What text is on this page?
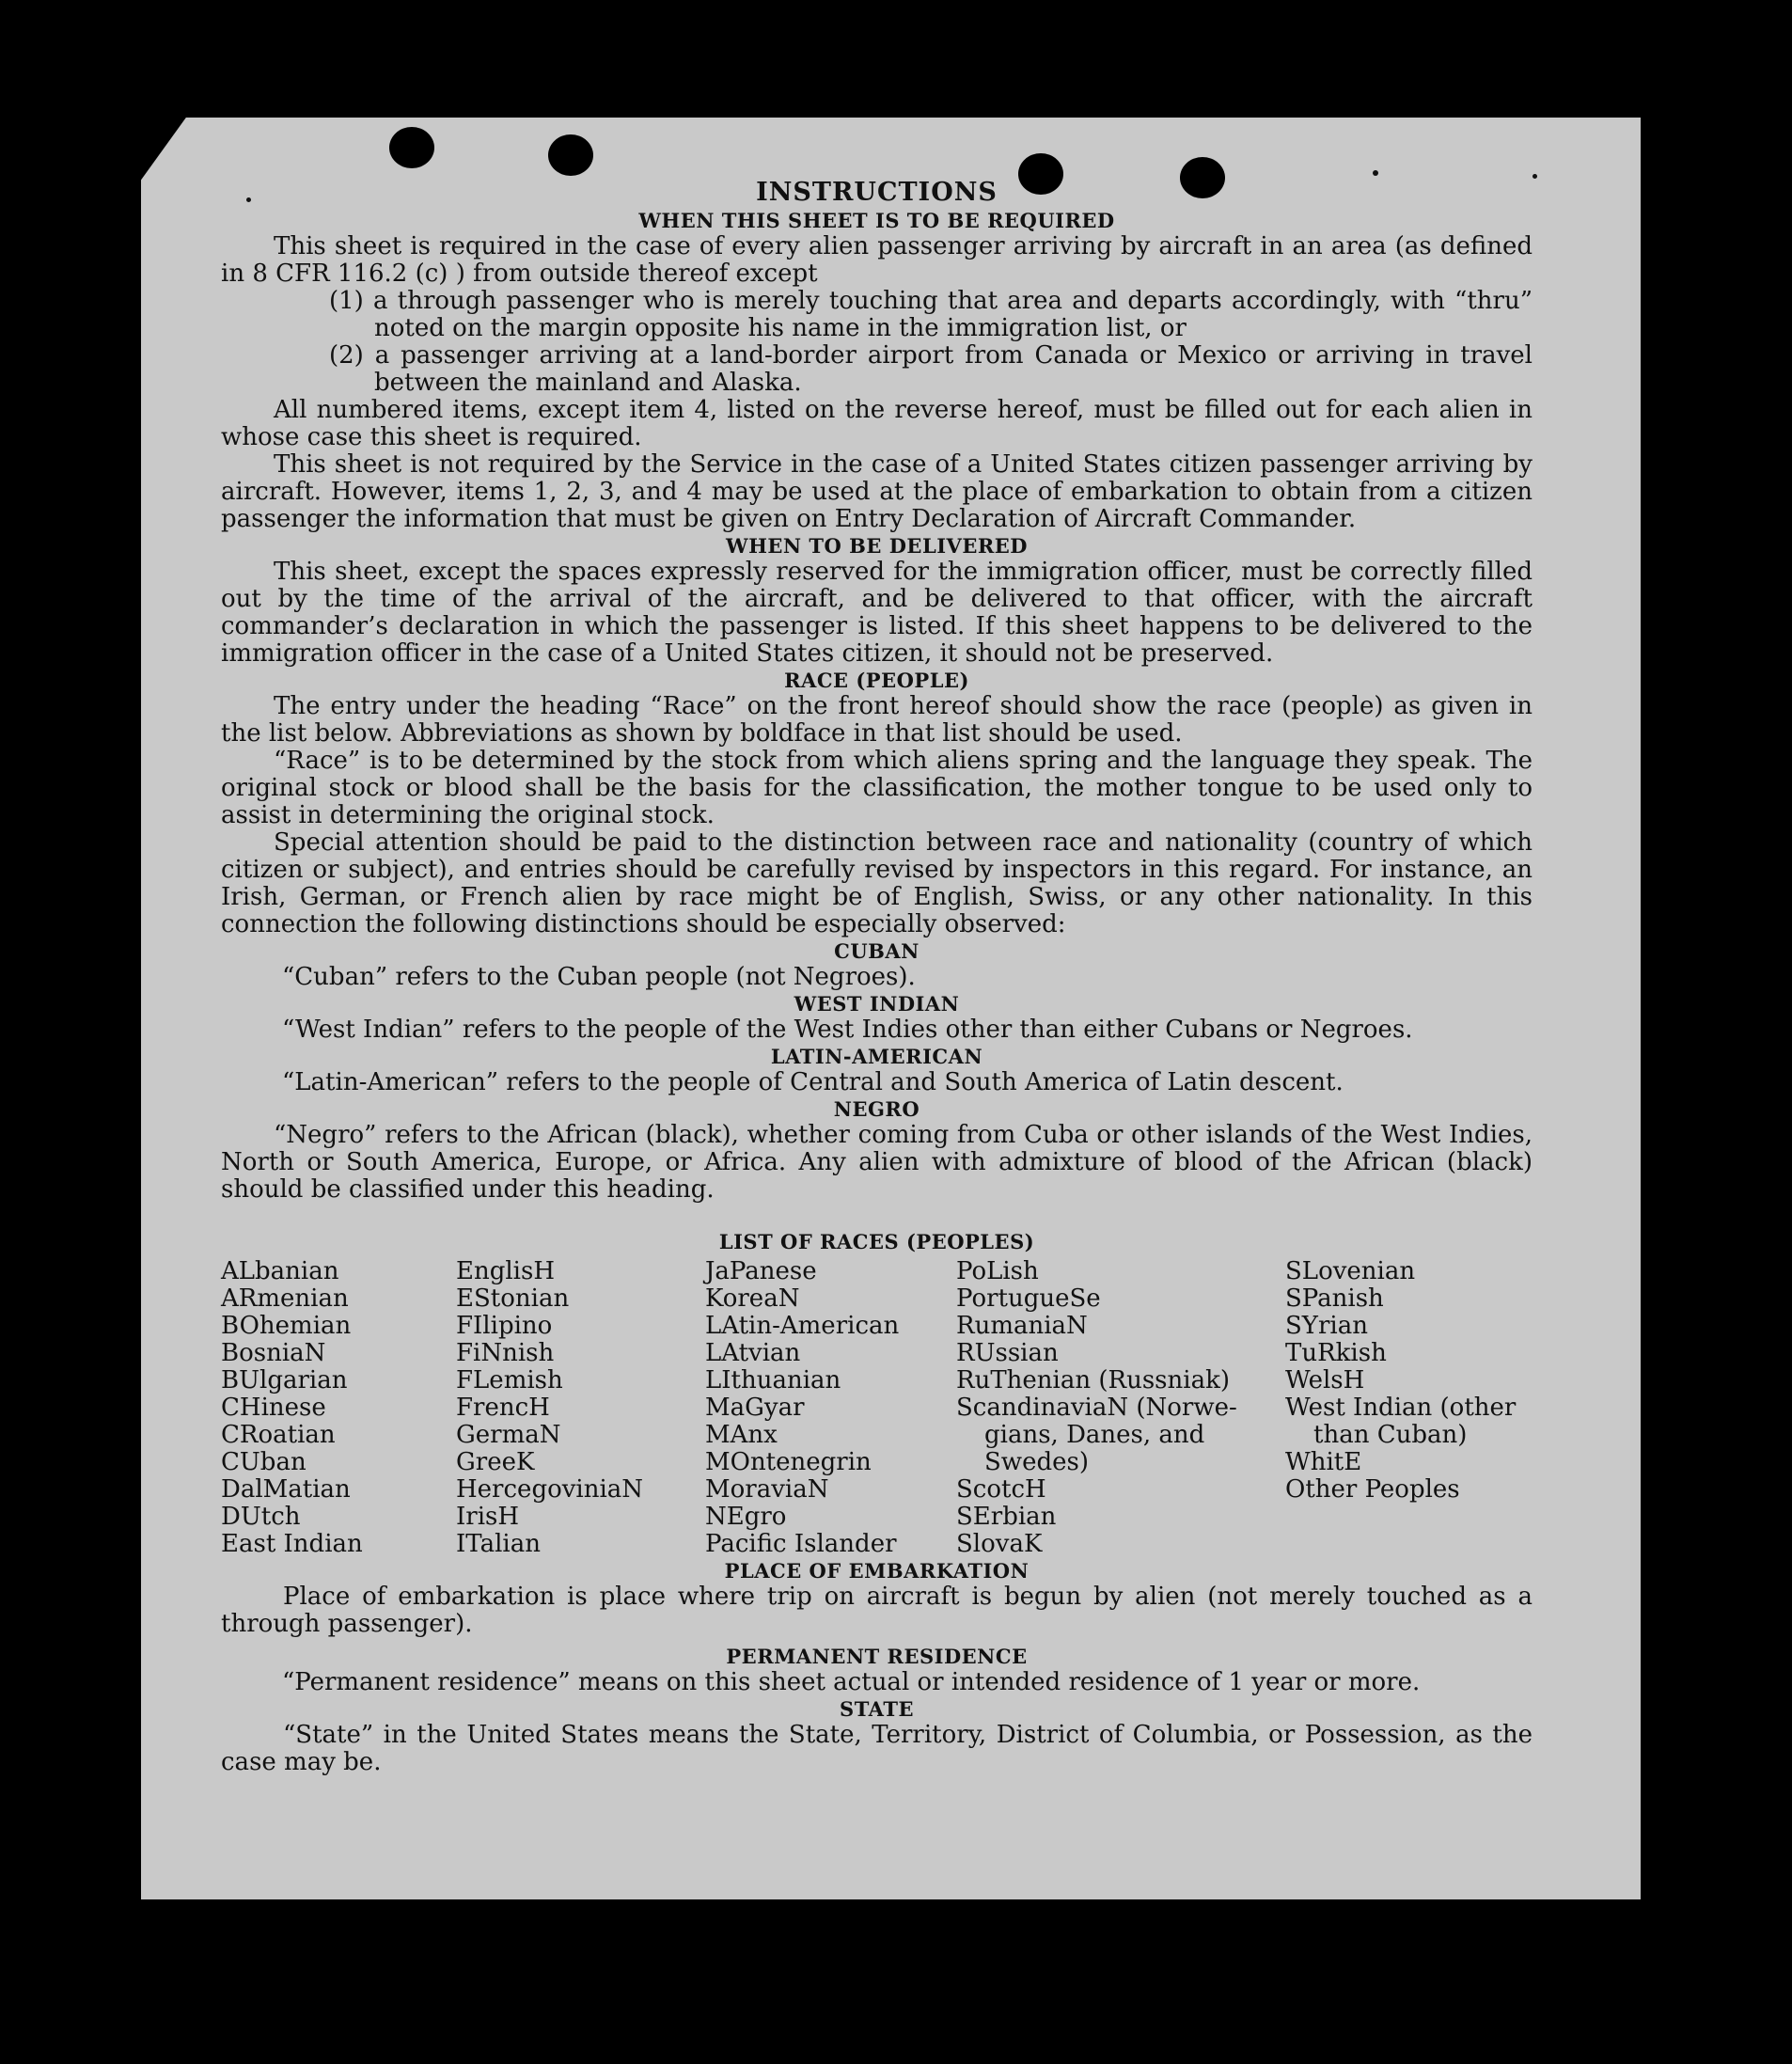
INSTRUCTIONS
WHEN THIS SHEET IS TO BE REQUIRED

This sheet is required in the case of every alien passenger arriving by aircraft in an area (as defined in 8 CFR 116.2 (c) ) from outside thereof except

(1) a through passenger who is merely touching that area and departs accordingly, with “thru” noted on the margin opposite his name in the immigration list, or

(2) a passenger arriving at a land-border airport from Canada or Mexico or arriving in travel between the mainland and Alaska.

All numbered items, except item 4, listed on the reverse hereof, must be filled out for each alien in whose case this sheet is required.

This sheet is not required by the Service in the case of a United States citizen passenger arriving by aircraft. However, items 1, 2, 3, and 4 may be used at the place of embarkation to obtain from a citizen passenger the information that must be given on Entry Declaration of Aircraft Commander.

WHEN TO BE DELIVERED

This sheet, except the spaces expressly reserved for the immigration officer, must be correctly filled out by the time of the arrival of the aircraft, and be delivered to that officer, with the aircraft commander’s declaration in which the passenger is listed. If this sheet happens to be delivered to the immigration officer in the case of a United States citizen, it should not be preserved.

RACE (PEOPLE)

The entry under the heading “Race” on the front hereof should show the race (people) as given in the list below. Abbreviations as shown by boldface in that list should be used.

“Race” is to be determined by the stock from which aliens spring and the language they speak. The original stock or blood shall be the basis for the classification, the mother tongue to be used only to assist in determining the original stock.

Special attention should be paid to the distinction between race and nationality (country of which citizen or subject), and entries should be carefully revised by inspectors in this regard. For instance, an Irish, German, or French alien by race might be of English, Swiss, or any other nationality. In this connection the following distinctions should be especially observed:

CUBAN
“Cuban” refers to the Cuban people (not Negroes).
WEST INDIAN
“West Indian” refers to the people of the West Indies other than either Cubans or Negroes.
LATIN-AMERICAN
“Latin-American” refers to the people of Central and South America of Latin descent.
NEGRO

“Negro” refers to the African (black), whether coming from Cuba or other islands of the West Indies, North or South America, Europe, or Africa. Any alien with admixture of blood of the African (black) should be classified under this heading.

LIST OF RACES (PEOPLES)
ALbanian
ARmenian
BOhemian
BosniaN
BUlgarian
CHinese
CRoatian
CUban
DalMatian
DUtch
East Indian
EnglisH
EStonian
FIlipino
FiNnish
FLemish
FrencH
GermaN
GreeK
HercegoviniaN
IrisH
ITalian
JaPanese
KoreaN
LAtin-American
LAtvian
LIthuanian
MaGyar
MAnx
MOntenegrin
MoraviaN
NEgro
Pacific Islander
PoLish
PortugueSe
RumaniaN
RUssian
RuThenian (Russniak)
ScandinaviaN (Norwe-
gians, Danes, and
Swedes)
ScotcH
SErbian
SlovaK
SLovenian
SPanish
SYrian
TuRkish
WelsH
West Indian (other
than Cuban)
WhitE
Other Peoples
PLACE OF EMBARKATION

Place of embarkation is place where trip on aircraft is begun by alien (not merely touched as a through passenger).

PERMANENT RESIDENCE
“Permanent residence” means on this sheet actual or intended residence of 1 year or more.
STATE

“State” in the United States means the State, Territory, District of Columbia, or Possession, as the case may be.
